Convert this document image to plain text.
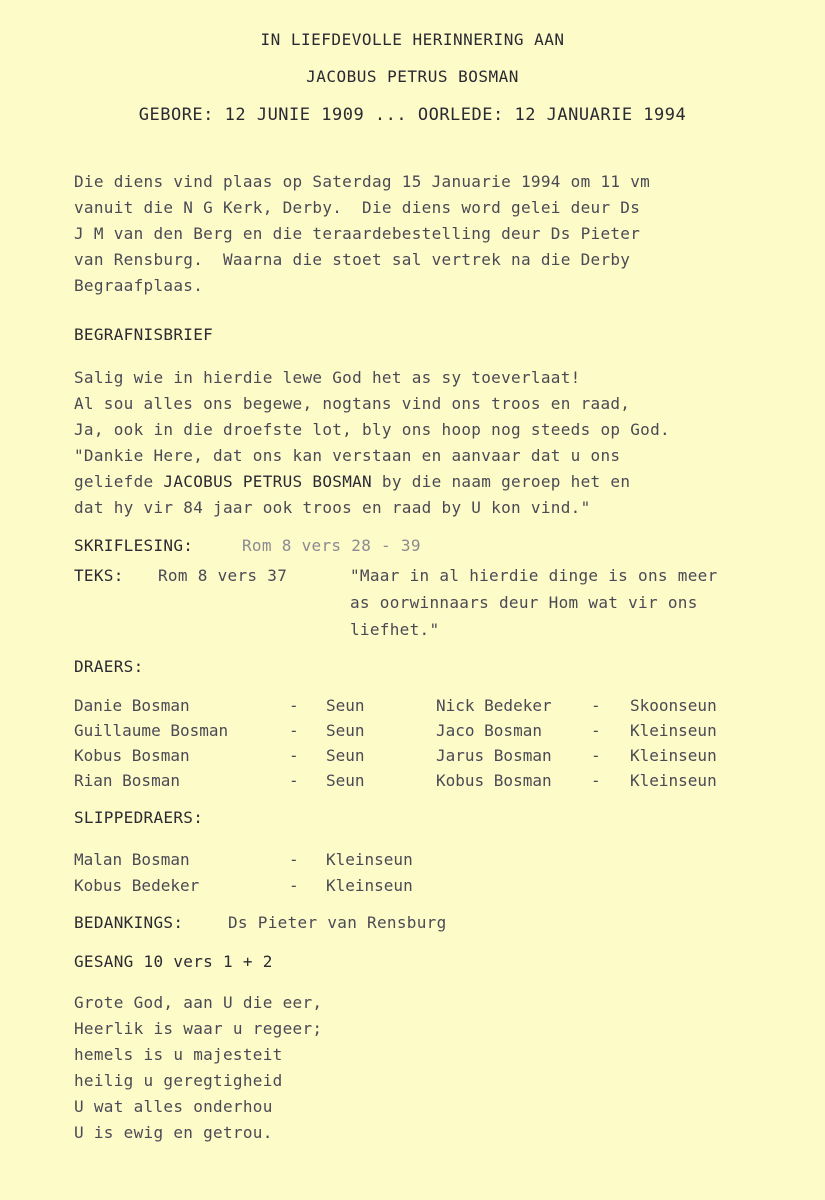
IN LIEFDEVOLLE HERINNERING AAN
JACOBUS PETRUS BOSMAN
GEBORE: 12 JUNIE 1909 ... OORLEDE: 12 JANUARIE 1994
Die diens vind plaas op Saterdag 15 Januarie 1994 om 11 vm
vanuit die N G Kerk, Derby.  Die diens word gelei deur Ds
J M van den Berg en die teraardebestelling deur Ds Pieter
van Rensburg.  Waarna die stoet sal vertrek na die Derby
Begraafplaas.
BEGRAFNISBRIEF
Salig wie in hierdie lewe God het as sy toeverlaat!
Al sou alles ons begewe, nogtans vind ons troos en raad,
Ja, ook in die droefste lot, bly ons hoop nog steeds op God.
"Dankie Here, dat ons kan verstaan en aanvaar dat u ons
geliefde JACOBUS PETRUS BOSMAN by die naam geroep het en
dat hy vir 84 jaar ook troos en raad by U kon vind."
SKRIFLESING:	Rom 8 vers 28 - 39
TEKS: Rom 8 vers 37	"Maar in al hierdie dinge is ons meer
as oorwinnaars deur Hom wat vir ons
liefhet."
DRAERS:
Danie Bosman	- Seun	Nick Bedeker - Skoonseun
Guillaume Bosman	- Seun	Jaco Bosman	- Kleinseun
Kobus Bosman	- Seun	Jarus Bosman - Kleinseun
Rian Bosman	- Seun	Kobus Bosman - Kleinseun
SLIPPEDRAERS:
Malan Bosman	- Kleinseun
Kobus Bedeker	- Kleinseun
BEDANKINGS:	Ds Pieter van Rensburg
GESANG 10 vers 1 + 2
Grote God, aan U die eer,
Heerlik is waar u regeer;
hemels is u majesteit
heilig u geregtigheid
U wat alles onderhou
U is ewig en getrou.
